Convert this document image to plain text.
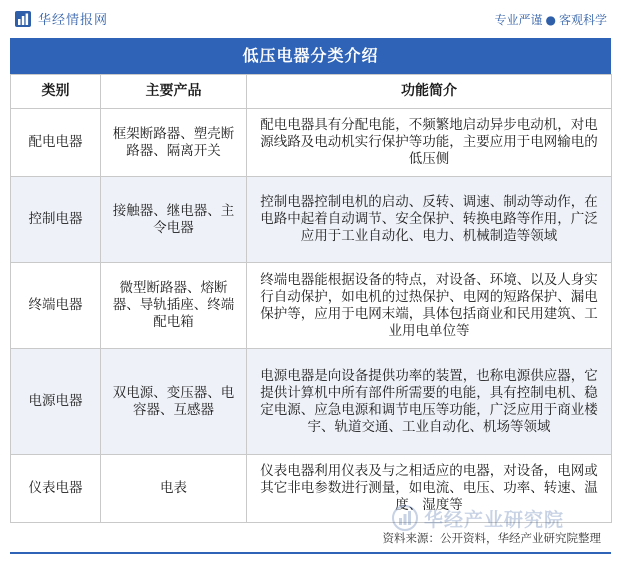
华经情报网	专业严谨 ● 客观科学
低压电器分类介绍
类别	主要产品	功能简介
配电电器	框架断路器、塑壳断路器、隔离开关	配电电器具有分配电能，不频繁地启动异步电动机，对电源线路及电动机实行保护等功能，主要应用于电网输电的低压侧
控制电器	接触器、继电器、主令电器	控制电器控制电机的启动、反转、调速、制动等动作，在电路中起着自动调节、安全保护、转换电路等作用，广泛应用于工业自动化、电力、机械制造等领域
终端电器	微型断路器、熔断器、导轨插座、终端配电箱	终端电器能根据设备的特点，对设备、环境、以及人身实行自动保护，如电机的过热保护、电网的短路保护、漏电保护等，应用于电网末端，具体包括商业和民用建筑、工业用电单位等
电源电器	双电源、变压器、电容器、互感器	电源电器是向设备提供功率的装置，也称电源供应器，它提供计算机中所有部件所需要的电能，具有控制电机、稳定电源、应急电源和调节电压等功能，广泛应用于商业楼宇、轨道交通、工业自动化、机场等领域
仪表电器	电表	仪表电器利用仪表及与之相适应的电器，对设备，电网或其它非电参数进行测量，如电流、电压、功率、转速、温度、湿度等
华经产业研究院
资料来源：公开资料，华经产业研究院整理
